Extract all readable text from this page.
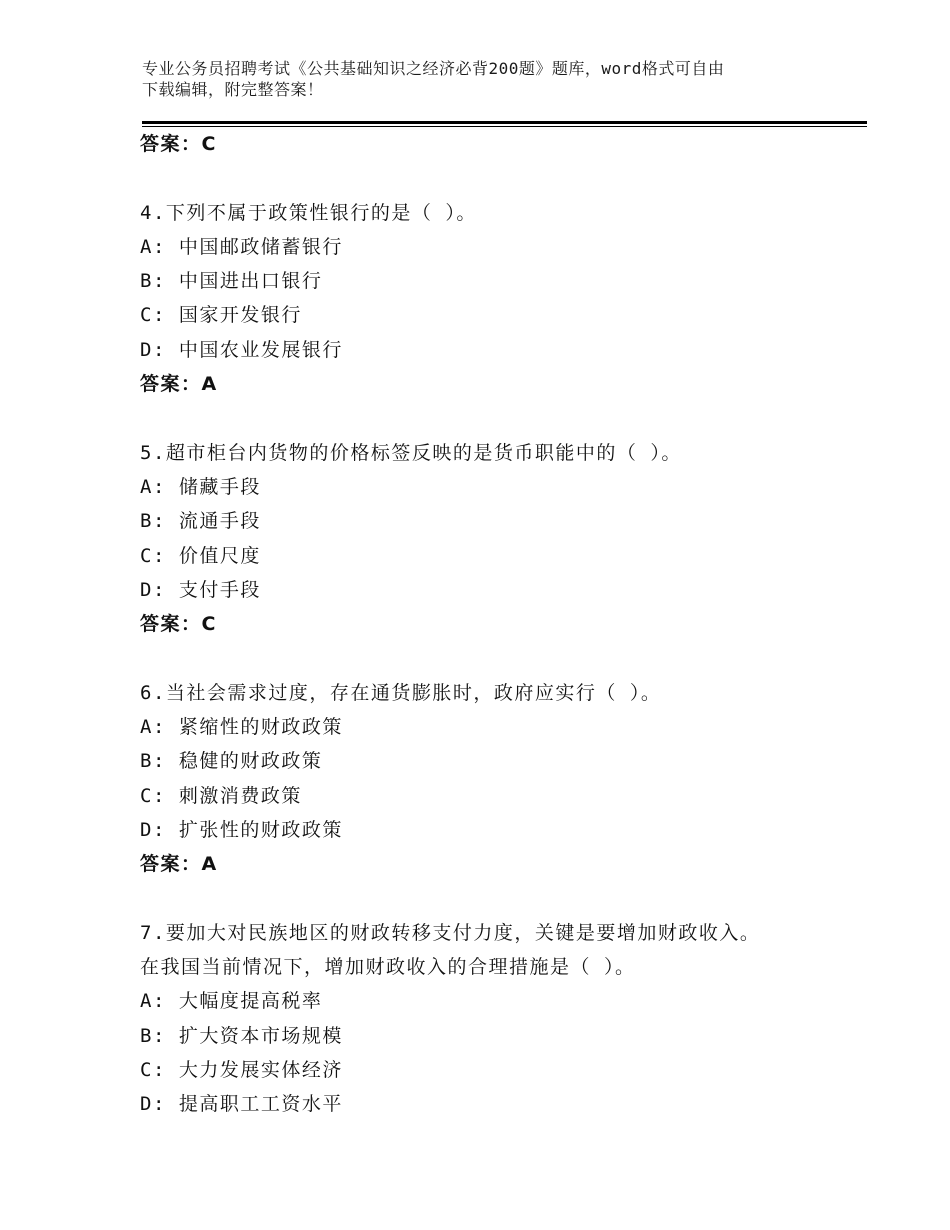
专业公务员招聘考试《公共基础知识之经济必背200题》题库，word格式可自由
下载编辑，附完整答案！
答案：C
4.下列不属于政策性银行的是（ ）。
A: 中国邮政储蓄银行
B: 中国进出口银行
C: 国家开发银行
D: 中国农业发展银行
答案：A
5.超市柜台内货物的价格标签反映的是货币职能中的（ ）。
A: 储藏手段
B: 流通手段
C: 价值尺度
D: 支付手段
答案：C
6.当社会需求过度，存在通货膨胀时，政府应实行（ ）。
A: 紧缩性的财政政策
B: 稳健的财政政策
C: 刺激消费政策
D: 扩张性的财政政策
答案：A
7.要加大对民族地区的财政转移支付力度，关键是要增加财政收入。
在我国当前情况下，增加财政收入的合理措施是（ ）。
A: 大幅度提高税率
B: 扩大资本市场规模
C: 大力发展实体经济
D: 提高职工工资水平
